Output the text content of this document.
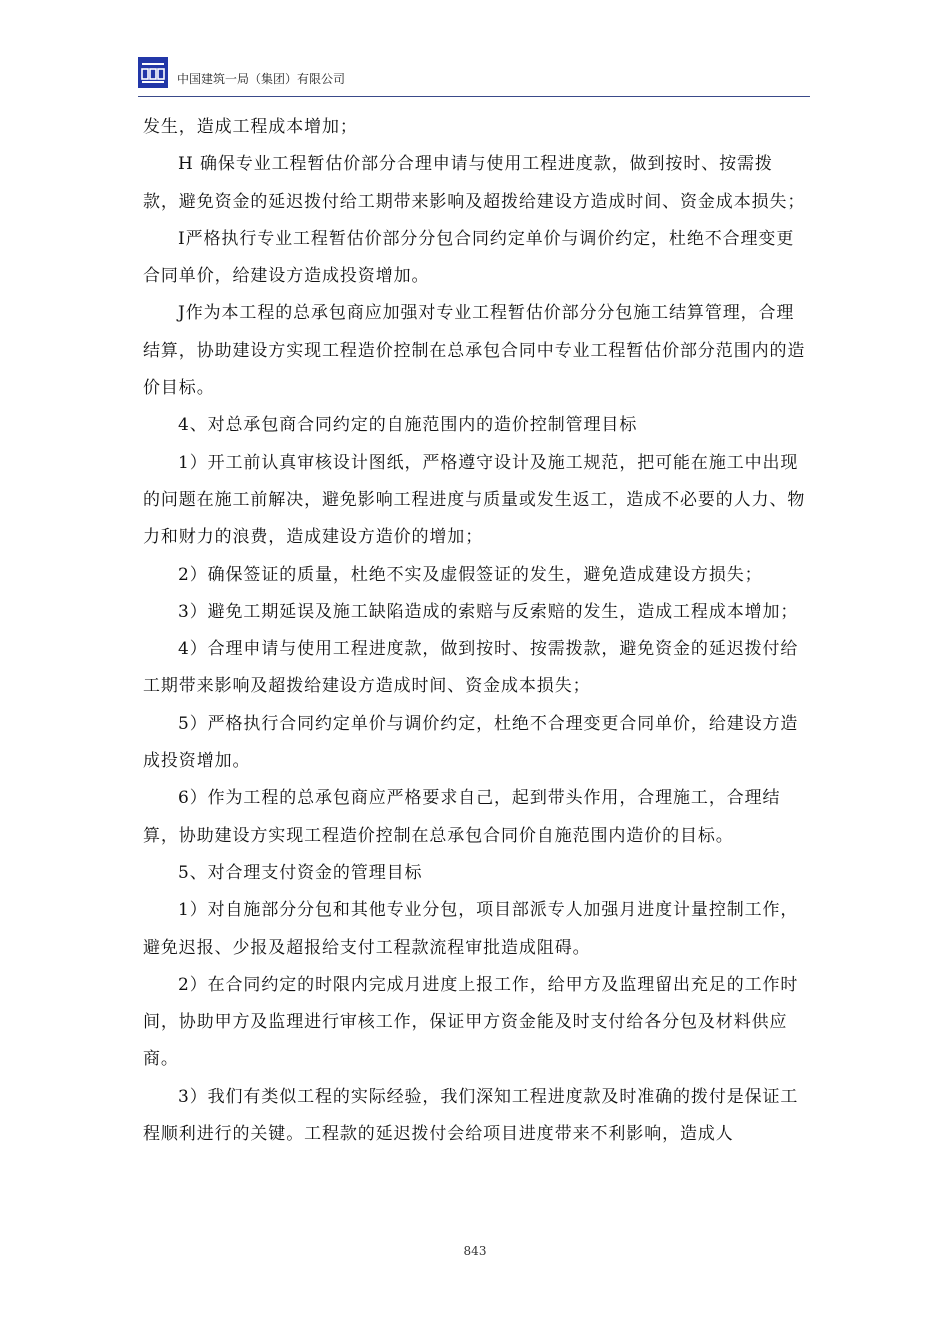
中国建筑一局（集团）有限公司

发生，造成工程成本增加；

H 确保专业工程暂估价部分合理申请与使用工程进度款，做到按时、按需拨款，避免资金的延迟拨付给工期带来影响及超拨给建设方造成时间、资金成本损失；

I严格执行专业工程暂估价部分分包合同约定单价与调价约定，杜绝不合理变更合同单价，给建设方造成投资增加。

J作为本工程的总承包商应加强对专业工程暂估价部分分包施工结算管理，合理结算，协助建设方实现工程造价控制在总承包合同中专业工程暂估价部分范围内的造价目标。

4、对总承包商合同约定的自施范围内的造价控制管理目标

1）开工前认真审核设计图纸，严格遵守设计及施工规范，把可能在施工中出现的问题在施工前解决，避免影响工程进度与质量或发生返工，造成不必要的人力、物力和财力的浪费，造成建设方造价的增加；

2）确保签证的质量，杜绝不实及虚假签证的发生，避免造成建设方损失；

3）避免工期延误及施工缺陷造成的索赔与反索赔的发生，造成工程成本增加；

4）合理申请与使用工程进度款，做到按时、按需拨款，避免资金的延迟拨付给工期带来影响及超拨给建设方造成时间、资金成本损失；

5）严格执行合同约定单价与调价约定，杜绝不合理变更合同单价，给建设方造成投资增加。

6）作为工程的总承包商应严格要求自己，起到带头作用，合理施工，合理结算，协助建设方实现工程造价控制在总承包合同价自施范围内造价的目标。

5、对合理支付资金的管理目标

1）对自施部分分包和其他专业分包，项目部派专人加强月进度计量控制工作，避免迟报、少报及超报给支付工程款流程审批造成阻碍。

2）在合同约定的时限内完成月进度上报工作，给甲方及监理留出充足的工作时间，协助甲方及监理进行审核工作，保证甲方资金能及时支付给各分包及材料供应商。

3）我们有类似工程的实际经验，我们深知工程进度款及时准确的拨付是保证工程顺利进行的关键。工程款的延迟拨付会给项目进度带来不利影响，造成人

843
